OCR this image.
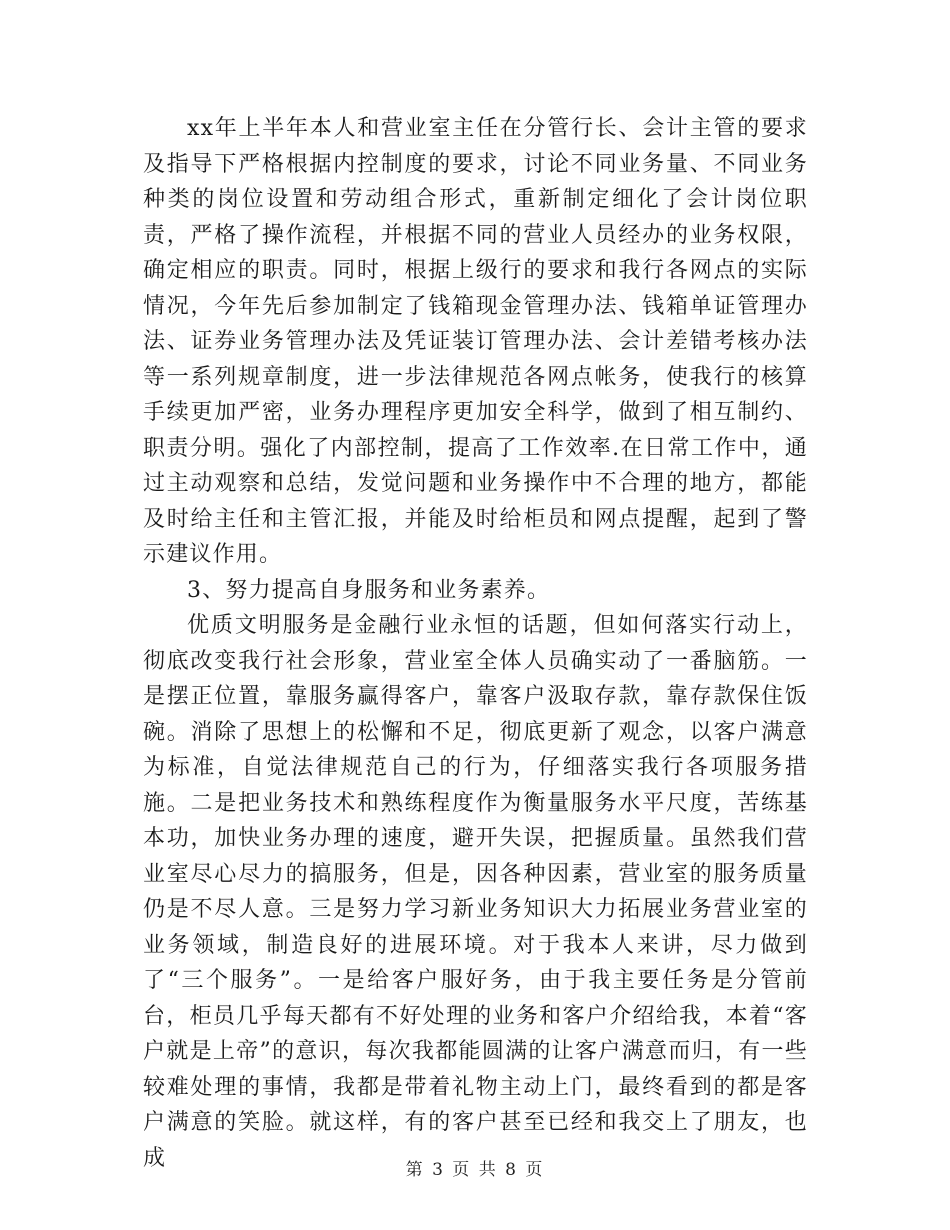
xx年上半年本人和营业室主任在分管行长、会计主管的要求及指导下严格根据内控制度的要求，讨论不同业务量、不同业务种类的岗位设置和劳动组合形式，重新制定细化了会计岗位职责，严格了操作流程，并根据不同的营业人员经办的业务权限，确定相应的职责。同时，根据上级行的要求和我行各网点的实际情况，今年先后参加制定了钱箱现金管理办法、钱箱单证管理办法、证券业务管理办法及凭证装订管理办法、会计差错考核办法等一系列规章制度，进一步法律规范各网点帐务，使我行的核算手续更加严密，业务办理程序更加安全科学，做到了相互制约、职责分明。强化了内部控制，提高了工作效率.在日常工作中，通过主动观察和总结，发觉问题和业务操作中不合理的地方，都能及时给主任和主管汇报，并能及时给柜员和网点提醒，起到了警示建议作用。

3、努力提高自身服务和业务素养。

优质文明服务是金融行业永恒的话题，但如何落实行动上，彻底改变我行社会形象，营业室全体人员确实动了一番脑筋。一是摆正位置，靠服务赢得客户，靠客户汲取存款，靠存款保住饭碗。消除了思想上的松懈和不足，彻底更新了观念，以客户满意为标准，自觉法律规范自己的行为，仔细落实我行各项服务措施。二是把业务技术和熟练程度作为衡量服务水平尺度，苦练基本功，加快业务办理的速度，避开失误，把握质量。虽然我们营业室尽心尽力的搞服务，但是，因各种因素，营业室的服务质量仍是不尽人意。三是努力学习新业务知识大力拓展业务营业室的业务领域，制造良好的进展环境。对于我本人来讲，尽力做到了“三个服务”。一是给客户服好务，由于我主要任务是分管前台，柜员几乎每天都有不好处理的业务和客户介绍给我，本着“客户就是上帝”的意识，每次我都能圆满的让客户满意而归，有一些较难处理的事情，我都是带着礼物主动上门，最终看到的都是客户满意的笑脸。就这样，有的客户甚至已经和我交上了朋友，也成	第 3 页 共 8 页
